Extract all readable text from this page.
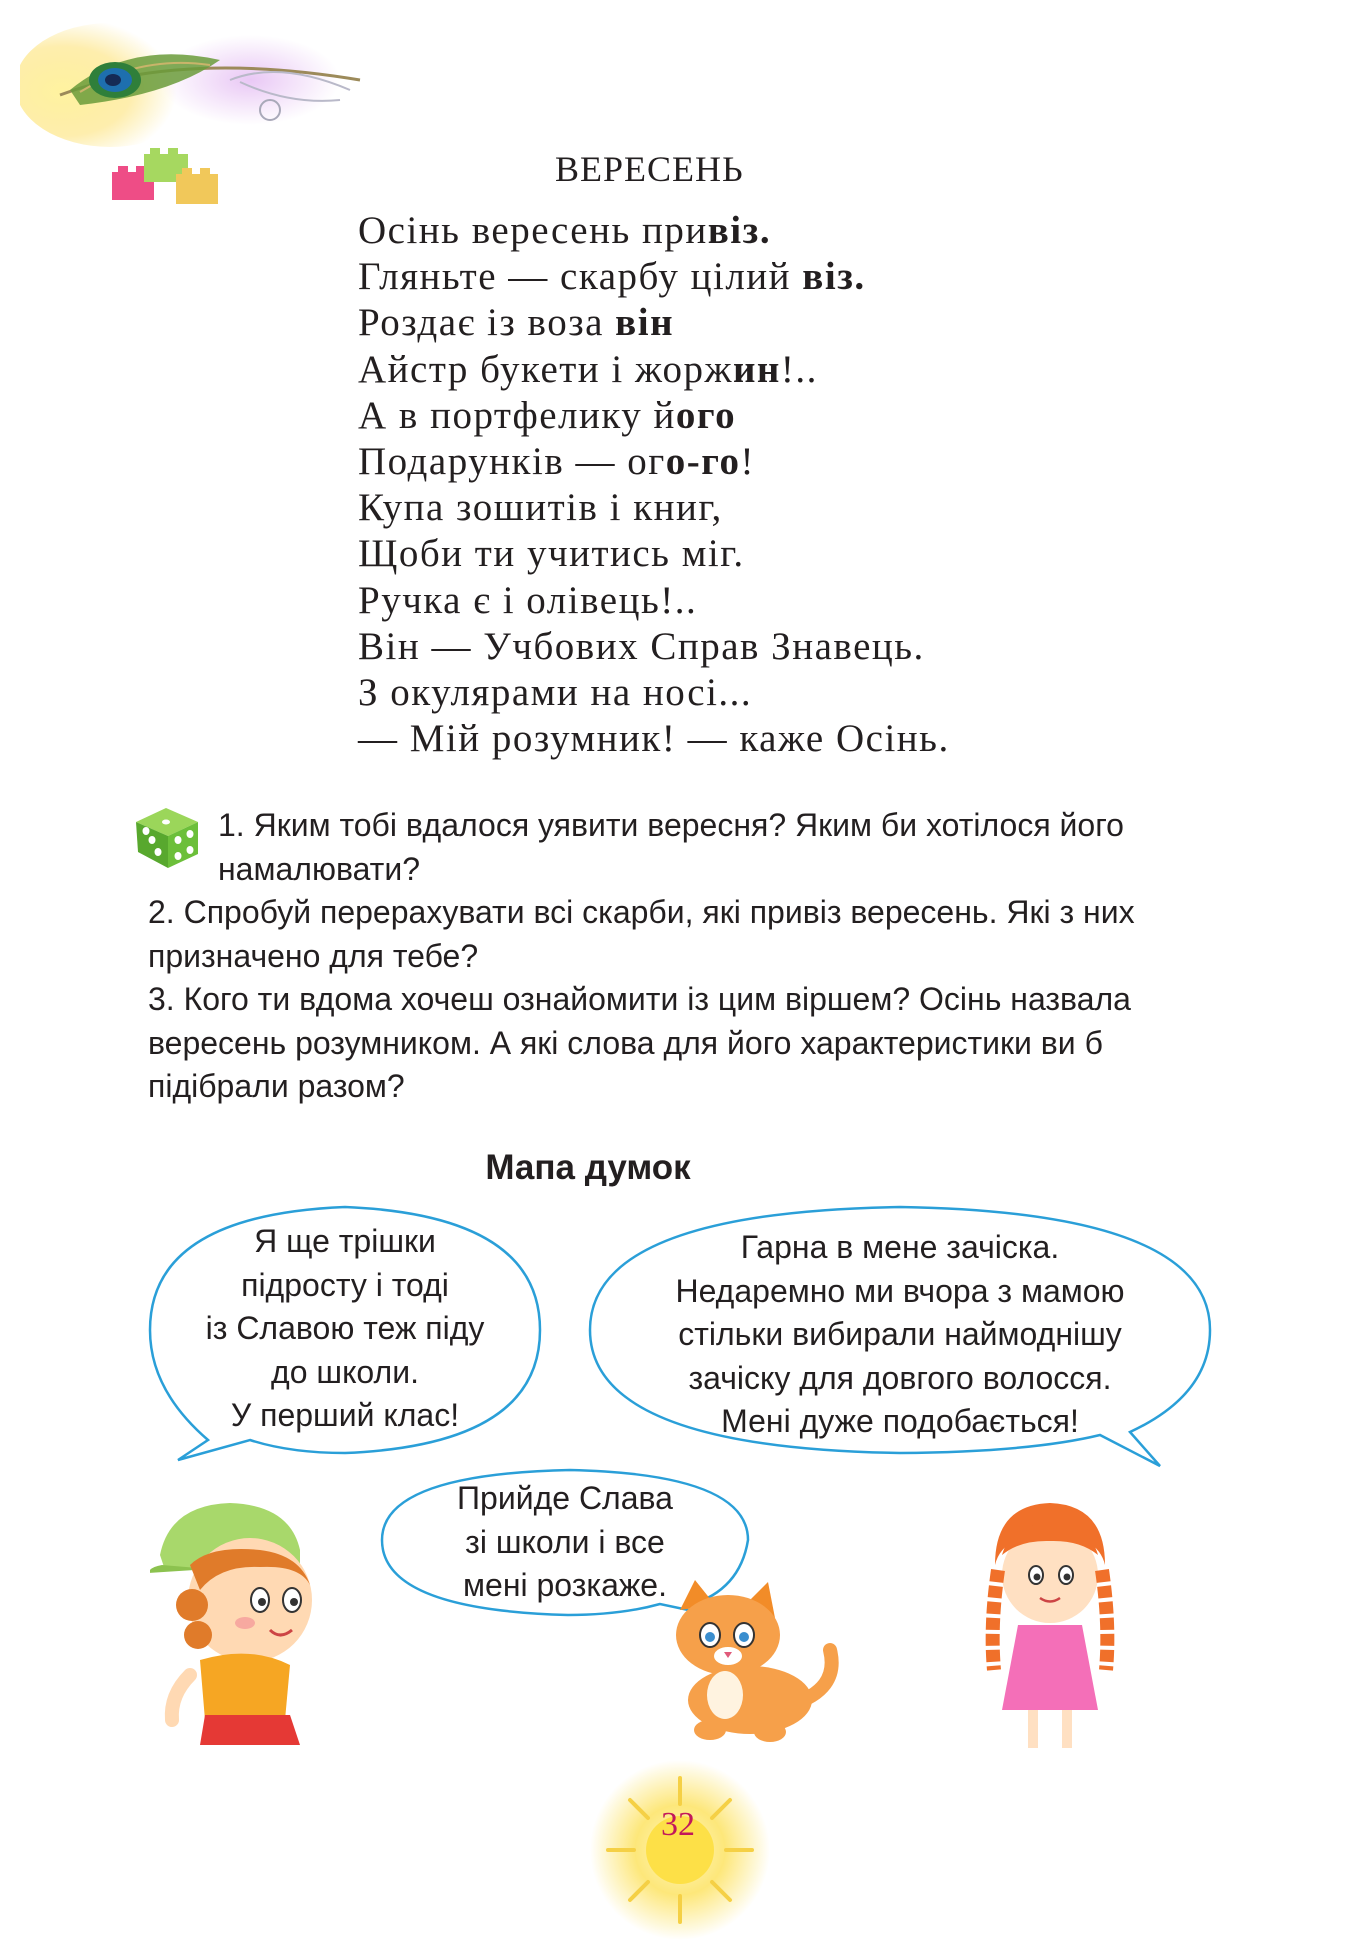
ВЕРЕСЕНЬ
Осінь вересень привіз.
Гляньте — скарбу цілий віз.
Роздає із воза він
Айстр букети і жоржин!..
А в портфелику його
Подарунків — ого-го!
Купа зошитів і книг,
Щоби ти учитись міг.
Ручка є і олівець!..
Він — Учбових Справ Знавець.
З окулярами на носі...
— Мій розумник! — каже Осінь.

1. Яким тобі вдалося уявити вересня? Яким би хотілося його намалювати?

2. Спробуй перерахувати всі скарби, які привіз вересень. Які з них призначено для тебе?

3. Кого ти вдома хочеш ознайомити із цим віршем? Осінь назвала вересень розумником. А які слова для його характеристики ви б підібрали разом?

Мапа думок
Я ще трішки
підросту і тоді
із Славою теж піду
до школи.
У перший клас!
Гарна в мене зачіска.
Недаремно ми вчора з мамою
стільки вибирали наймоднішу
зачіску для довгого волосся.
Мені дуже подобається!
Прийде Слава
зі школи і все
мені розкаже.
32
